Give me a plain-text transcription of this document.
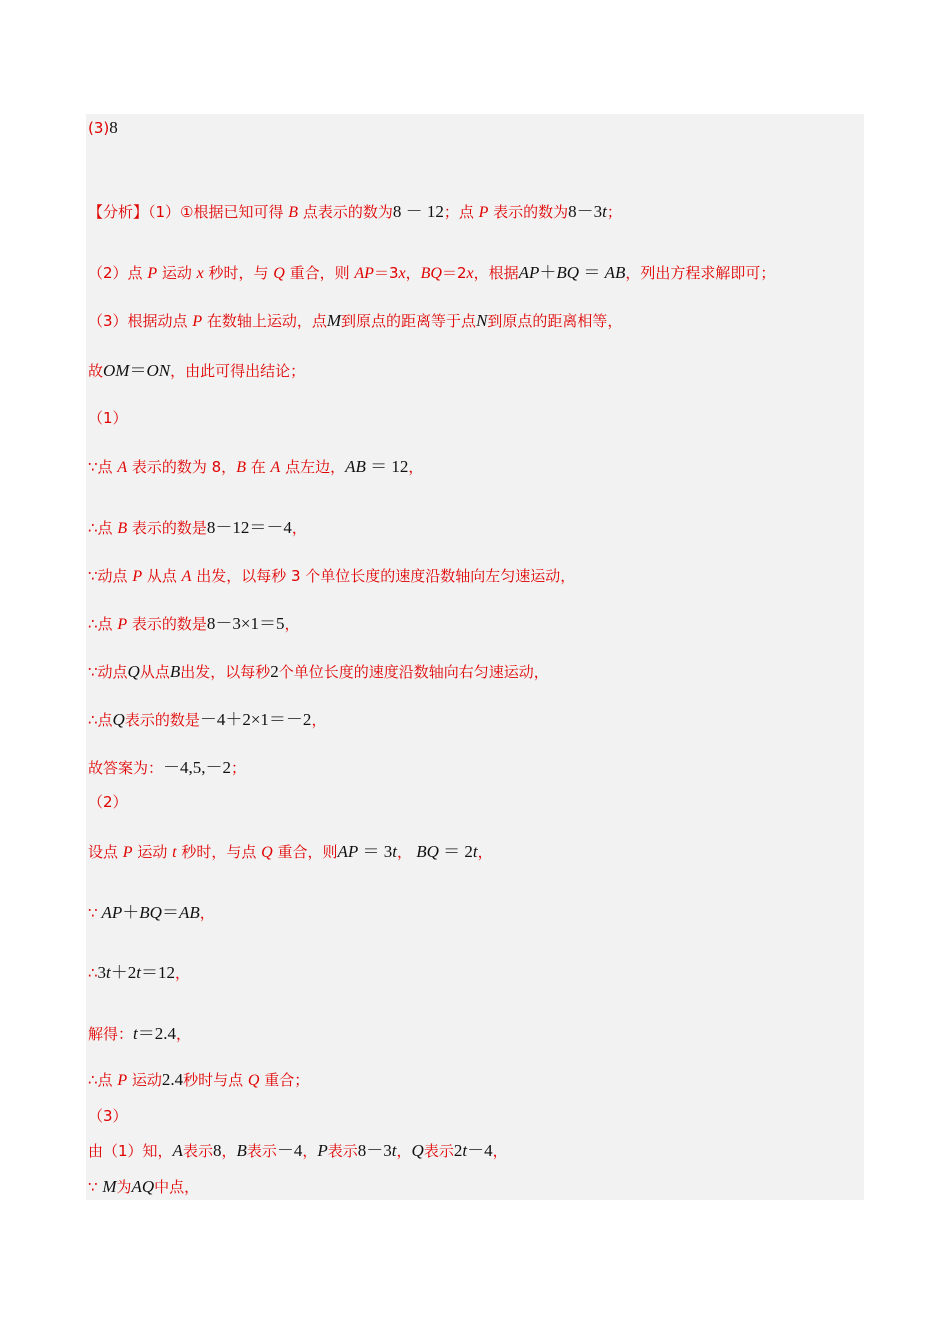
(3)8
【分析】（1）①根据已知可得 B 点表示的数为8 － 12；点 P 表示的数为8－3t；
（2）点 P 运动 x 秒时，与 Q 重合，则 AP＝3x，BQ＝2x，根据AP＋BQ ＝ AB，列出方程求解即可；
（3）根据动点 P 在数轴上运动，点M到原点的距离等于点N到原点的距离相等，
故OM＝ON，由此可得出结论；
（1）
∵点 A 表示的数为 8，B 在 A 点左边，AB ＝ 12，
∴点 B 表示的数是8－12＝－4，
∵动点 P 从点 A 出发，以每秒 3 个单位长度的速度沿数轴向左匀速运动，
∴点 P 表示的数是8－3×1＝5，
∵动点Q从点B出发，以每秒2个单位长度的速度沿数轴向右匀速运动，
∴点Q表示的数是－4＋2×1＝－2，
故答案为：－4,5,－2；
（2）
设点 P 运动 t 秒时，与点 Q 重合，则AP ＝ 3t， BQ ＝ 2t，
∵ AP＋BQ＝AB，
∴3t＋2t＝12，
解得：t＝2.4，
∴点 P 运动2.4秒时与点 Q 重合；
（3）
由（1）知，A表示8，B表示－4，P表示8－3t，Q表示2t－4，
∵ M为AQ中点，
